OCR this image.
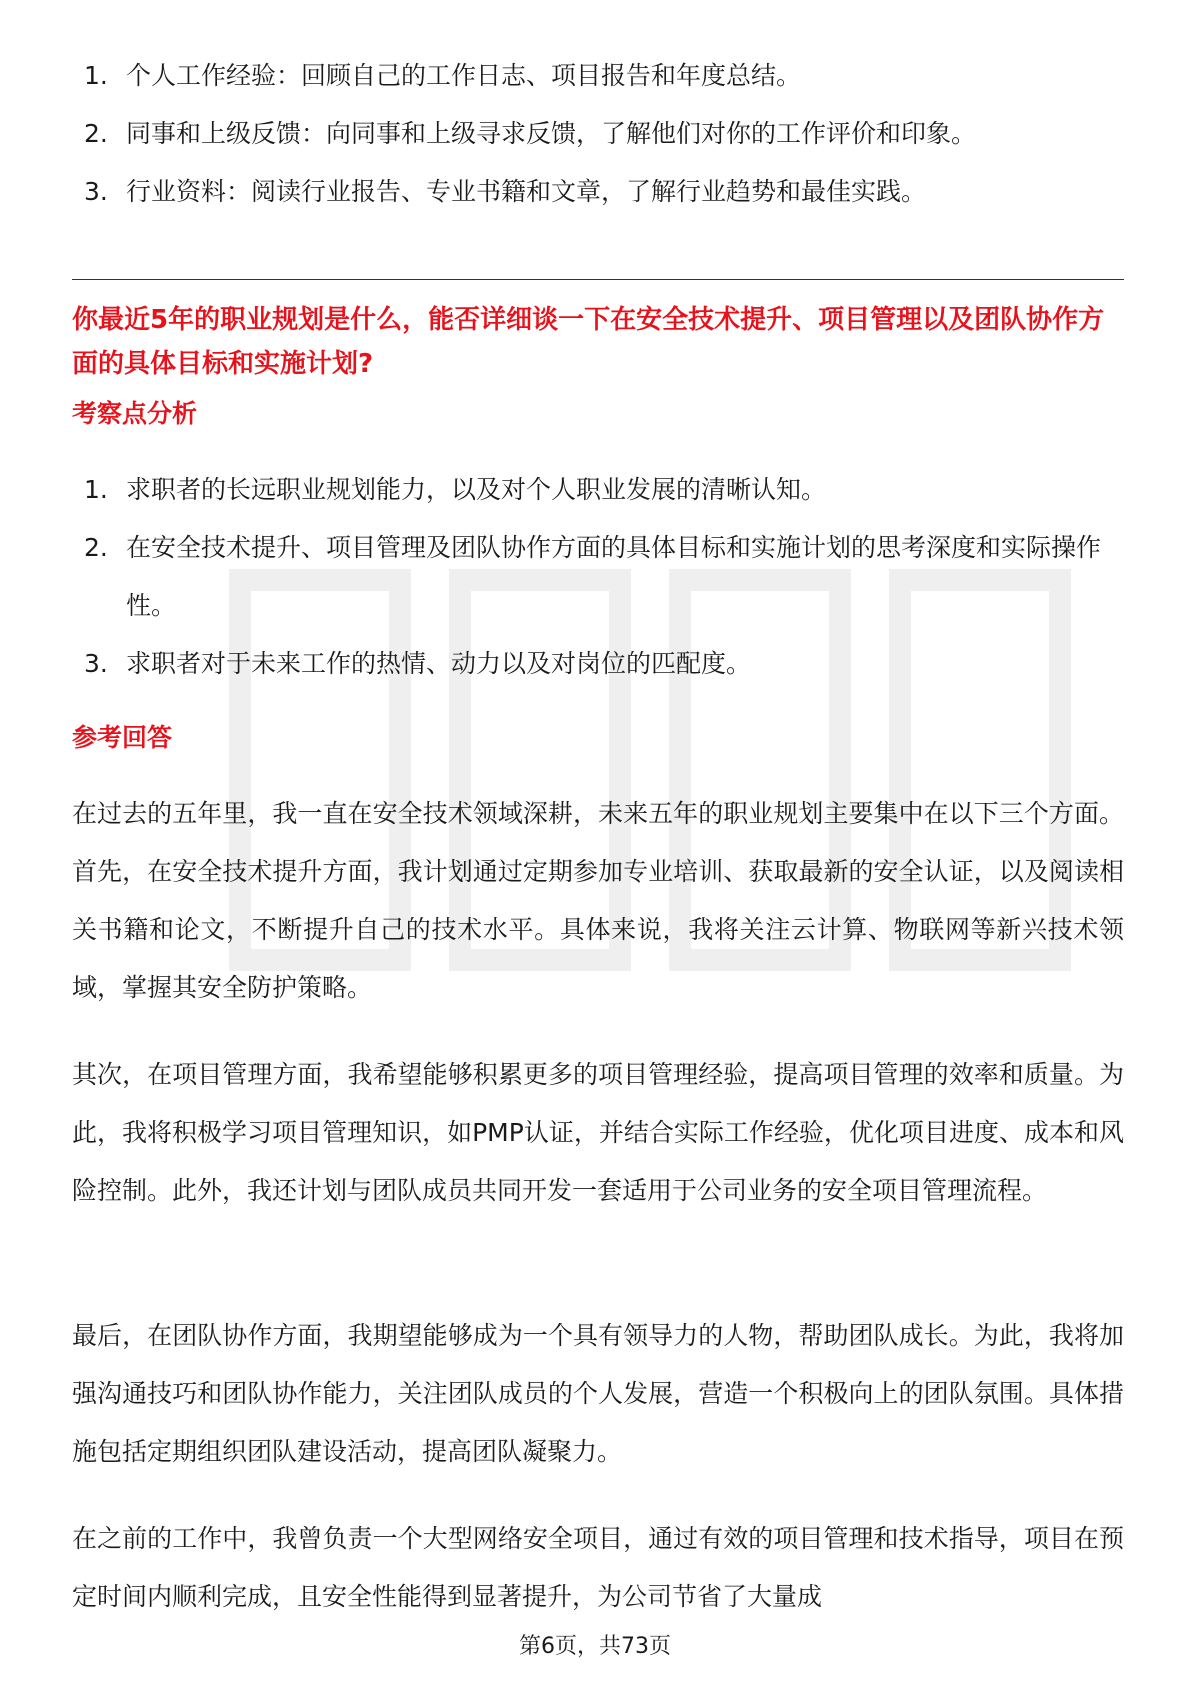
1. 个人工作经验：回顾自己的工作日志、项目报告和年度总结。
2. 同事和上级反馈：向同事和上级寻求反馈，了解他们对你的工作评价和印象。
3. 行业资料：阅读行业报告、专业书籍和文章，了解行业趋势和最佳实践。
你最近5年的职业规划是什么，能否详细谈一下在安全技术提升、项目管理以及团队协作方面的具体目标和实施计划?
考察点分析
1. 求职者的长远职业规划能力，以及对个人职业发展的清晰认知。
2. 在安全技术提升、项目管理及团队协作方面的具体目标和实施计划的思考深度和实际操作性。
3. 求职者对于未来工作的热情、动力以及对岗位的匹配度。
参考回答

在过去的五年里，我一直在安全技术领域深耕，未来五年的职业规划主要集中在以下三个方面。首先，在安全技术提升方面，我计划通过定期参加专业培训、获取最新的安全认证，以及阅读相关书籍和论文，不断提升自己的技术水平。具体来说，我将关注云计算、物联网等新兴技术领域，掌握其安全防护策略。

其次，在项目管理方面，我希望能够积累更多的项目管理经验，提高项目管理的效率和质量。为此，我将积极学习项目管理知识，如PMP认证，并结合实际工作经验，优化项目进度、成本和风险控制。此外，我还计划与团队成员共同开发一套适用于公司业务的安全项目管理流程。

最后，在团队协作方面，我期望能够成为一个具有领导力的人物，帮助团队成长。为此，我将加强沟通技巧和团队协作能力，关注团队成员的个人发展，营造一个积极向上的团队氛围。具体措施包括定期组织团队建设活动，提高团队凝聚力。

在之前的工作中，我曾负责一个大型网络安全项目，通过有效的项目管理和技术指导，项目在预定时间内顺利完成，且安全性能得到显著提升，为公司节省了大量成

第6页，共73页
